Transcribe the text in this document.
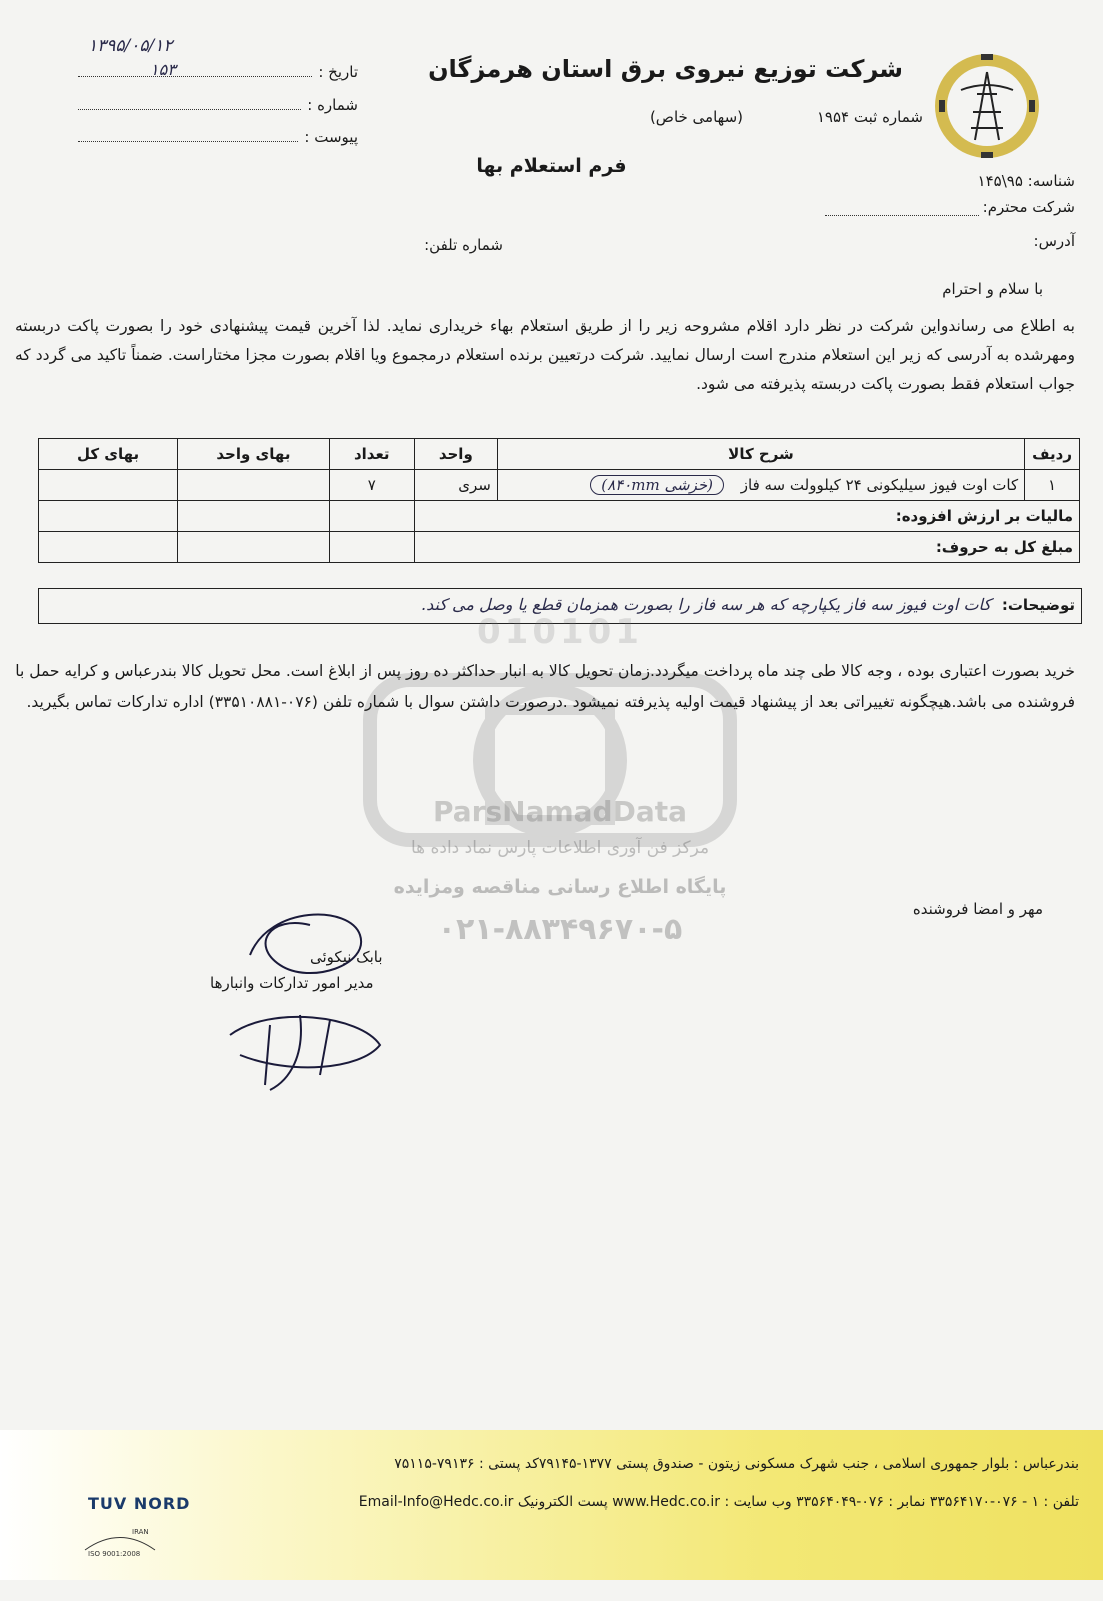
شرکت توزیع نیروی برق استان هرمزگان
شماره ثبت ۱۹۵۴
(سهامی خاص)
۱۳۹۵/۰۵/۱۲
تاریخ :
۱۵۳
شماره :
پیوست :
فرم استعلام بها
شناسه: ۹۵\۱۴۵
شرکت محترم:
آدرس:
شماره تلفن:
با سلام و احترام
به اطلاع می رساندواین شرکت در نظر دارد اقلام مشروحه زیر را از طریق استعلام بهاء خریداری نماید. لذا آخرین قیمت پیشنهادی خود را بصورت پاکت دربسته ومهرشده به آدرسی که زیر این استعلام مندرج است ارسال نمایید. شرکت درتعیین برنده استعلام درمجموع ویا اقلام بصورت مجزا مختاراست. ضمناً تاکید می گردد که جواب استعلام فقط بصورت پاکت دربسته پذیرفته می شود.
ردیف	شرح کالا	واحد	تعداد	بهای واحد	بهای کل
۱	کات اوت فیوز سیلیکونی ۲۴ کیلوولت سه فاز (خزشی ۸۴۰mm)	سری	۷		
مالیات بر ارزش افزوده:					
مبلغ کل به حروف:					
توضیحات:
کات اوت فیوز سه فاز یکپارچه که هر سه فاز را بصورت همزمان قطع یا وصل می کند.
010101
ParsNamadData
مرکز فن آوری اطلاعات پارس نماد داده ها
پایگاه اطلاع رسانی مناقصه ومزایده
۰۲۱-۸۸۳۴۹۶۷۰-۵
خرید بصورت اعتباری بوده ، وجه کالا طی چند ماه پرداخت میگردد.زمان تحویل کالا به انبار حداکثر ده روز پس از ابلاغ است. محل تحویل کالا بندرعباس و کرایه حمل با فروشنده می باشد.هیچگونه تغییراتی بعد از پیشنهاد قیمت اولیه پذیرفته نمیشود .درصورت داشتن سوال با شماره تلفن (۰۷۶-۳۳۵۱۰۸۸۱) اداره تدارکات تماس بگیرید.
مهر و امضا فروشنده
بابک نیکوئی
مدیر امور تدارکات وانبارها
بندرعباس : بلوار جمهوری اسلامی ، جنب شهرک مسکونی زیتون - صندوق پستی ۱۳۷۷-۷۹۱۴۵کد پستی : ۷۹۱۳۶-۷۵۱۱۵
تلفن : ۱ - ۰۷۶-۳۳۵۶۴۱۷۰ نمابر : ۰۷۶-۳۳۵۶۴۰۴۹ وب سایت : www.Hedc.co.ir پست الکترونیک Email-Info@Hedc.co.ir
TUV NORD
ISO 9001:2008
IRAN
